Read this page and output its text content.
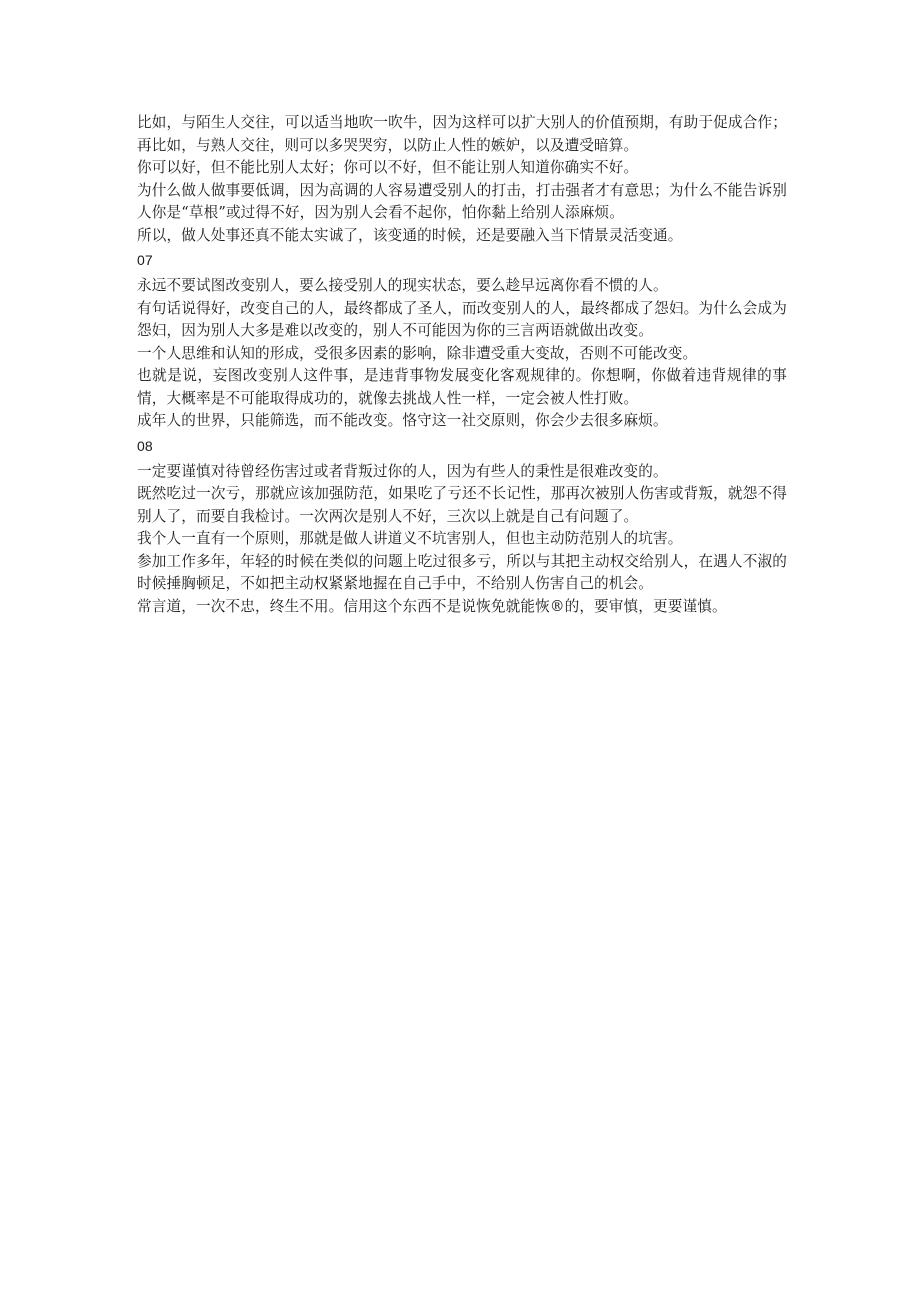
比如，与陌生人交往，可以适当地吹一吹牛，因为这样可以扩大别人的价值预期，有助于促成合作；再比如，与熟人交往，则可以多哭哭穷，以防止人性的嫉妒，以及遭受暗算。

你可以好，但不能比别人太好；你可以不好，但不能让别人知道你确实不好。

为什么做人做事要低调，因为高调的人容易遭受别人的打击，打击强者才有意思；为什么不能告诉别人你是“草根”或过得不好，因为别人会看不起你，怕你黏上给别人添麻烦。

所以，做人处事还真不能太实诚了，该变通的时候，还是要融入当下情景灵活变通。

07

永远不要试图改变别人，要么接受别人的现实状态，要么趁早远离你看不惯的人。

有句话说得好，改变自己的人，最终都成了圣人，而改变别人的人，最终都成了怨妇。为什么会成为怨妇，因为别人大多是难以改变的，别人不可能因为你的三言两语就做出改变。

一个人思维和认知的形成，受很多因素的影响，除非遭受重大变故，否则不可能改变。

也就是说，妄图改变别人这件事，是违背事物发展变化客观规律的。你想啊，你做着违背规律的事情，大概率是不可能取得成功的，就像去挑战人性一样，一定会被人性打败。

成年人的世界，只能筛选，而不能改变。恪守这一社交原则，你会少去很多麻烦。

08

一定要谨慎对待曾经伤害过或者背叛过你的人，因为有些人的秉性是很难改变的。

既然吃过一次亏，那就应该加强防范，如果吃了亏还不长记性，那再次被别人伤害或背叛，就怨不得别人了，而要自我检讨。一次两次是别人不好，三次以上就是自己有问题了。

我个人一直有一个原则，那就是做人讲道义不坑害别人，但也主动防范别人的坑害。

参加工作多年，年轻的时候在类似的问题上吃过很多亏，所以与其把主动权交给别人，在遇人不淑的时候捶胸顿足，不如把主动权紧紧地握在自己手中，不给别人伤害自己的机会。

常言道，一次不忠，终生不用。信用这个东西不是说恢免就能恢®的，要审慎，更要谨慎。
